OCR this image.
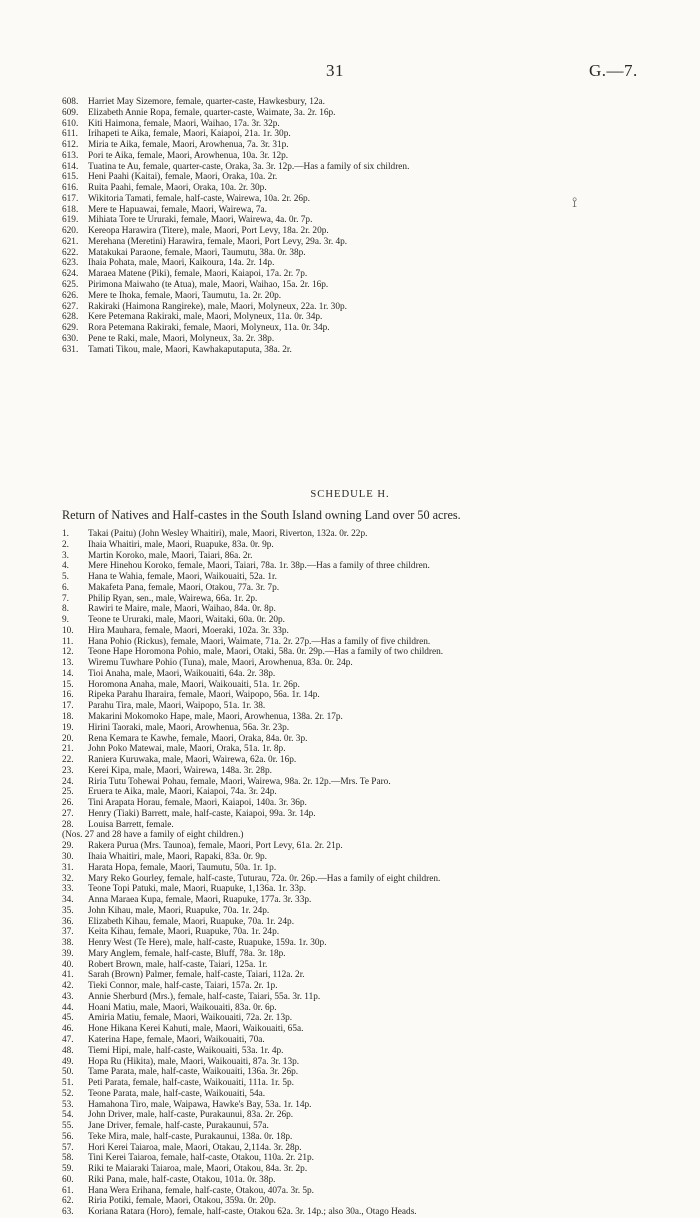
31	G.—7.
608. Harriet May Sizemore, female, quarter-caste, Hawkesbury, 12a.
609. Elizabeth Annie Ropa, female, quarter-caste, Waimate, 3a. 2r. 16p.
610. Kiti Haimona, female, Maori, Waihao, 17a. 3r. 32p.
611. Irihapeti te Aika, female, Maori, Kaiapoi, 21a. 1r. 30p.
612. Miria te Aika, female, Maori, Arowhenua, 7a. 3r. 31p.
613. Pori te Aika, female, Maori, Arowhenua, 10a. 3r. 12p.
614. Tuatina te Au, female, quarter-caste, Oraka, 3a. 3r. 12p.—Has a family of six children.
615. Heni Paahi (Kaitai), female, Maori, Oraka, 10a. 2r.
616. Ruita Paahi, female, Maori, Oraka, 10a. 2r. 30p.
617. Wikitoria Tamati, female, half-caste, Wairewa, 10a. 2r. 26p.
618. Mere te Hapuawai, female, Maori, Wairewa, 7a.
619. Mihiata Tore te Ururaki, female, Maori, Wairewa, 4a. 0r. 7p.
620. Kereopa Harawira (Titere), male, Maori, Port Levy, 18a. 2r. 20p.
621. Merehana (Meretini) Harawira, female, Maori, Port Levy, 29a. 3r. 4p.
622. Matakukai Paraone, female, Maori, Taumutu, 38a. 0r. 38p.
623. Ihaia Pohata, male, Maori, Kaikoura, 14a. 2r. 14p.
624. Maraea Matene (Piki), female, Maori, Kaiapoi, 17a. 2r. 7p.
625. Pirimona Maiwaho (te Atua), male, Maori, Waihao, 15a. 2r. 16p.
626. Mere te Ihoka, female, Maori, Taumutu, 1a. 2r. 20p.
627. Rakiraki (Haimona Rangireke), male, Maori, Molyneux, 22a. 1r. 30p.
628. Kere Petemana Rakiraki, male, Maori, Molyneux, 11a. 0r. 34p.
629. Rora Petemana Rakiraki, female, Maori, Molyneux, 11a. 0r. 34p.
630. Pene te Raki, male, Maori, Molyneux, 3a. 2r. 38p.
631. Tamati Tikou, male, Maori, Kawhakaputaputa, 38a. 2r.
⟟
SCHEDULE H.
Return of Natives and Half-castes in the South Island owning Land over 50 acres.
1. Takai (Paitu) (John Wesley Whaitiri), male, Maori, Riverton, 132a. 0r. 22p.
2. Ihaia Whaitiri, male, Maori, Ruapuke, 83a. 0r. 9p.
3. Martin Koroko, male, Maori, Taiari, 86a. 2r.
4. Mere Hinehou Koroko, female, Maori, Taiari, 78a. 1r. 38p.—Has a family of three children.
5. Hana te Wahia, female, Maori, Waikouaiti, 52a. 1r.
6. Makafeta Pana, female, Maori, Otakou, 77a. 3r. 7p.
7. Philip Ryan, sen., male, Wairewa, 66a. 1r. 2p.
8. Rawiri te Maire, male, Maori, Waihao, 84a. 0r. 8p.
9. Teone te Ururaki, male, Maori, Waitaki, 60a. 0r. 20p.
10. Hira Mauhara, female, Maori, Moeraki, 102a. 3r. 33p.
11. Hana Pohio (Rickus), female, Maori, Waimate, 71a. 2r. 27p.—Has a family of five children.
12. Teone Hape Horomona Pohio, male, Maori, Otaki, 58a. 0r. 29p.—Has a family of two children.
13. Wiremu Tuwhare Pohio (Tuna), male, Maori, Arowhenua, 83a. 0r. 24p.
14. Tioi Anaha, male, Maori, Waikouaiti, 64a. 2r. 38p.
15. Horomona Anaha, male, Maori, Waikouaiti, 51a. 1r. 26p.
16. Ripeka Parahu Iharaira, female, Maori, Waipopo, 56a. 1r. 14p.
17. Parahu Tira, male, Maori, Waipopo, 51a. 1r. 38.
18. Makarini Mokomoko Hape, male, Maori, Arowhenua, 138a. 2r. 17p.
19. Hirini Taoraki, male, Maori, Arowhenua, 56a. 3r. 23p.
20. Rena Kemara te Kawhe, female, Maori, Oraka, 84a. 0r. 3p.
21. John Poko Matewai, male, Maori, Oraka, 51a. 1r. 8p.
22. Raniera Kuruwaka, male, Maori, Wairewa, 62a. 0r. 16p.
23. Kerei Kipa, male, Maori, Wairewa, 148a. 3r. 28p.
24. Riria Tutu Tohewai Pohau, female, Maori, Wairewa, 98a. 2r. 12p.—Mrs. Te Paro.
25. Eruera te Aika, male, Maori, Kaiapoi, 74a. 3r. 24p.
26. Tini Arapata Horau, female, Maori, Kaiapoi, 140a. 3r. 36p.
27. Henry (Tiaki) Barrett, male, half-caste, Kaiapoi, 99a. 3r. 14p.
28. Louisa Barrett, female.
(Nos. 27 and 28 have a family of eight children.)
29. Rakera Purua (Mrs. Taunoa), female, Maori, Port Levy, 61a. 2r. 21p.
30. Ihaia Whaitiri, male, Maori, Rapaki, 83a. 0r. 9p.
31. Harata Hopa, female, Maori, Taumutu, 50a. 1r. 1p.
32. Mary Reko Gourley, female, half-caste, Tuturau, 72a. 0r. 26p.—Has a family of eight children.
33. Teone Topi Patuki, male, Maori, Ruapuke, 1,136a. 1r. 33p.
34. Anna Maraea Kupa, female, Maori, Ruapuke, 177a. 3r. 33p.
35. John Kihau, male, Maori, Ruapuke, 70a. 1r. 24p.
36. Elizabeth Kihau, female, Maori, Ruapuke, 70a. 1r. 24p.
37. Keita Kihau, female, Maori, Ruapuke, 70a. 1r. 24p.
38. Henry West (Te Here), male, half-caste, Ruapuke, 159a. 1r. 30p.
39. Mary Anglem, female, half-caste, Bluff, 78a. 3r. 18p.
40. Robert Brown, male, half-caste, Taiari, 125a. 1r.
41. Sarah (Brown) Palmer, female, half-caste, Taiari, 112a. 2r.
42. Tieki Connor, male, half-caste, Taiari, 157a. 2r. 1p.
43. Annie Sherburd (Mrs.), female, half-caste, Taiari, 55a. 3r. 11p.
44. Hoani Matiu, male, Maori, Waikouaiti, 83a. 0r. 6p.
45. Amiria Matiu, female, Maori, Waikouaiti, 72a. 2r. 13p.
46. Hone Hikana Kerei Kahuti, male, Maori, Waikouaiti, 65a.
47. Katerina Hape, female, Maori, Waikouaiti, 70a.
48. Tiemi Hipi, male, half-caste, Waikouaiti, 53a. 1r. 4p.
49. Hopa Ru (Hikita), male, Maori, Waikouaiti, 87a. 3r. 13p.
50. Tame Parata, male, half-caste, Waikouaiti, 136a. 3r. 26p.
51. Peti Parata, female, half-caste, Waikouaiti, 111a. 1r. 5p.
52. Teone Parata, male, half-caste, Waikouaiti, 54a.
53. Hamahona Tiro, male, Waipawa, Hawke's Bay, 53a. 1r. 14p.
54. John Driver, male, half-caste, Purakaunui, 83a. 2r. 26p.
55. Jane Driver, female, half-caste, Purakaunui, 57a.
56. Teke Mira, male, half-caste, Purakaunui, 138a. 0r. 18p.
57. Hori Kerei Taiaroa, male, Maori, Otakau, 2,114a. 3r. 28p.
58. Tini Kerei Taiaroa, female, half-caste, Otakou, 110a. 2r. 21p.
59. Riki te Maiaraki Taiaroa, male, Maori, Otakou, 84a. 3r. 2p.
60. Riki Pana, male, half-caste, Otakou, 101a. 0r. 38p.
61. Hana Wera Erihana, female, half-caste, Otakou, 407a. 3r. 5p.
62. Riria Potiki, female, Maori, Otakou, 359a. 0r. 20p.
63. Koriana Ratara (Horo), female, half-caste, Otakou 62a. 3r. 14p.; also 30a., Otago Heads.
